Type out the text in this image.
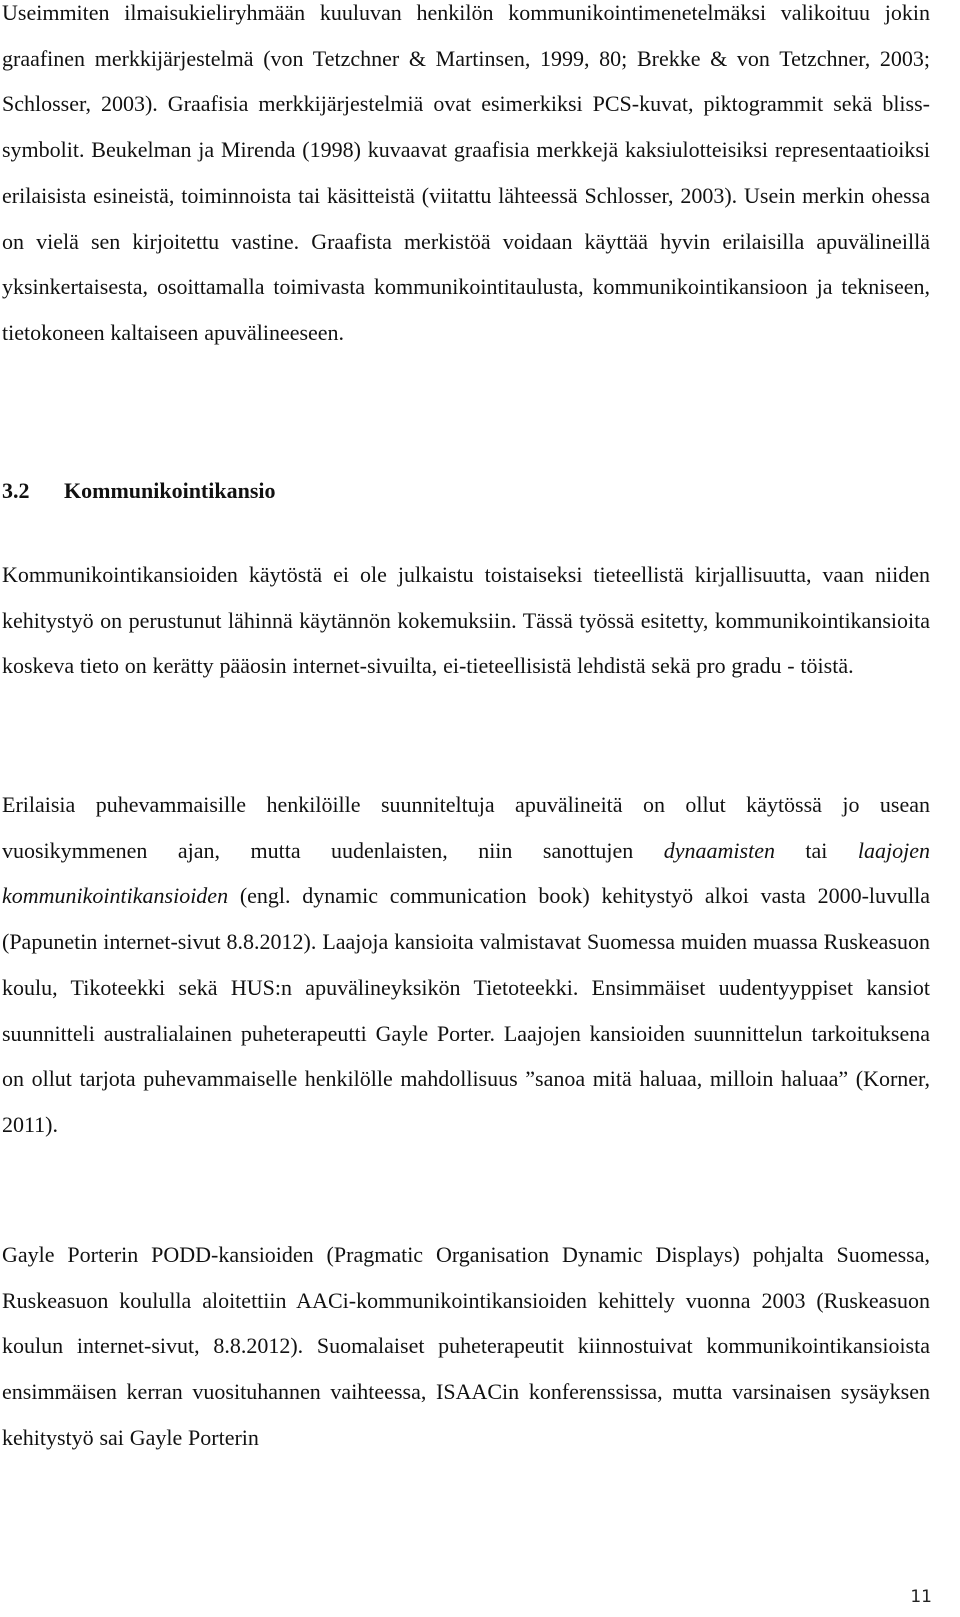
Useimmiten ilmaisukieliryhmään kuuluvan henkilön kommunikointimenetelmäksi valikoituu jokin graafinen merkkijärjestelmä (von Tetzchner & Martinsen, 1999, 80; Brekke & von Tetzchner, 2003; Schlosser, 2003). Graafisia merkkijärjestelmiä ovat esimerkiksi PCS-kuvat, piktogrammit sekä bliss-symbolit. Beukelman ja Mirenda (1998) kuvaavat graafisia merkkejä kaksiulotteisiksi representaatioiksi erilaisista esineistä, toiminnoista tai käsitteistä (viitattu lähteessä Schlosser, 2003). Usein merkin ohessa on vielä sen kirjoitettu vastine. Graafista merkistöä voidaan käyttää hyvin erilaisilla apuvälineillä yksinkertaisesta, osoittamalla toimivasta kommunikointitaulusta, kommunikointikansioon ja tekniseen, tietokoneen kaltaiseen apuvälineeseen.

3.2 Kommunikointikansio

Kommunikointikansioiden käytöstä ei ole julkaistu toistaiseksi tieteellistä kirjallisuutta, vaan niiden kehitystyö on perustunut lähinnä käytännön kokemuksiin. Tässä työssä esitetty, kommunikointikansioita koskeva tieto on kerätty pääosin internet-sivuilta, ei-tieteellisistä lehdistä sekä pro gradu - töistä.

Erilaisia puhevammaisille henkilöille suunniteltuja apuvälineitä on ollut käytössä jo usean vuosikymmenen ajan, mutta uudenlaisten, niin sanottujen dynaamisten tai laajojen kommunikointikansioiden (engl. dynamic communication book) kehitystyö alkoi vasta 2000-luvulla (Papunetin internet-sivut 8.8.2012). Laajoja kansioita valmistavat Suomessa muiden muassa Ruskeasuon koulu, Tikoteekki sekä HUS:n apuvälineyksikön Tietoteekki. Ensimmäiset uudentyyppiset kansiot suunnitteli australialainen puheterapeutti Gayle Porter. Laajojen kansioiden suunnittelun tarkoituksena on ollut tarjota puhevammaiselle henkilölle mahdollisuus ”sanoa mitä haluaa, milloin haluaa” (Korner, 2011).

Gayle Porterin PODD-kansioiden (Pragmatic Organisation Dynamic Displays) pohjalta Suomessa, Ruskeasuon koululla aloitettiin AACi-kommunikointikansioiden kehittely vuonna 2003 (Ruskeasuon koulun internet-sivut, 8.8.2012). Suomalaiset puheterapeutit kiinnostuivat kommunikointikansioista ensimmäisen kerran vuosituhannen vaihteessa, ISAACin konferenssissa, mutta varsinaisen sysäyksen kehitystyö sai Gayle Porterin

11
